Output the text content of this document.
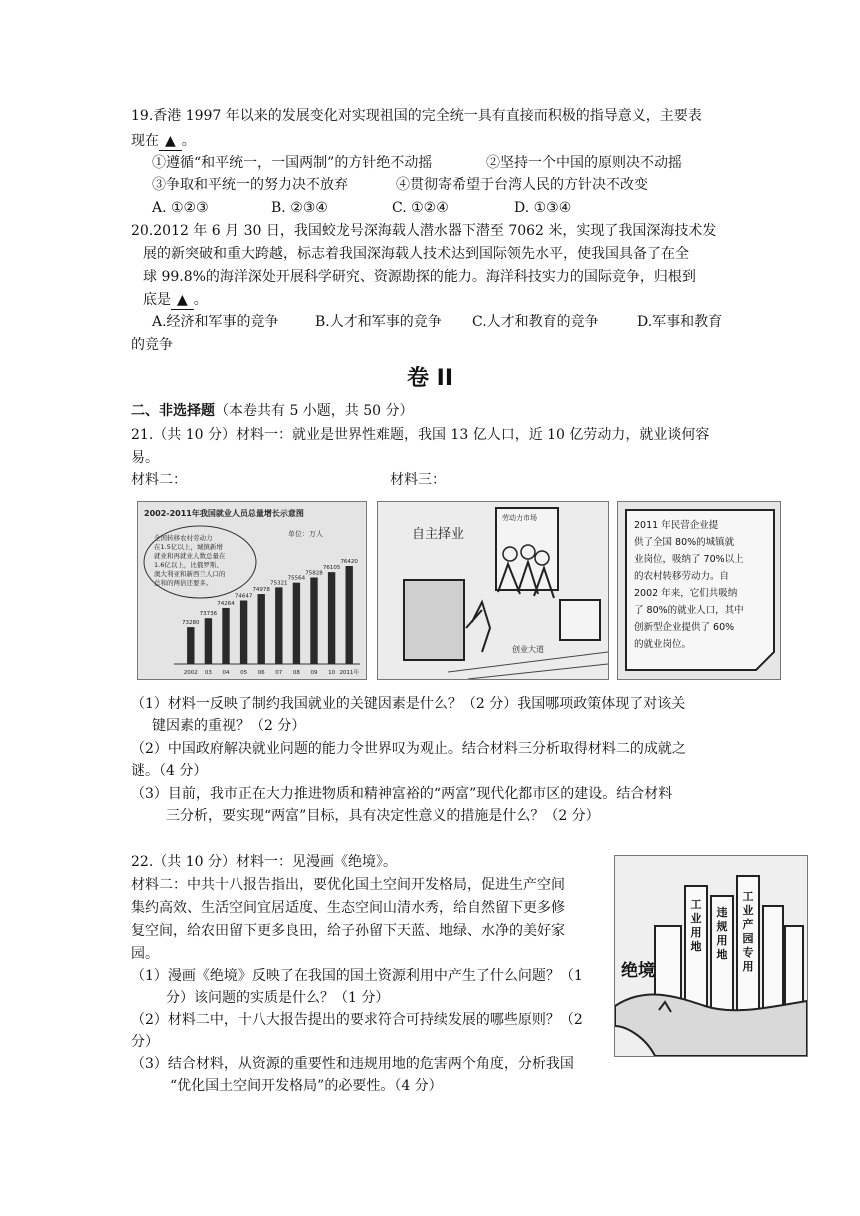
19.香港 1997 年以来的发展变化对实现祖国的完全统一具有直接而积极的指导意义，主要表
现在 ▲ 。
①遵循“和平统一，一国两制”的方针绝不动摇	②坚持一个中国的原则决不动摇
③争取和平统一的努力决不放弃	④贯彻寄希望于台湾人民的方针决不改变
A. ①②③	B. ②③④	C. ①②④	D. ①③④
20.2012 年 6 月 30 日，我国蛟龙号深海载人潜水器下潜至 7062 米，实现了我国深海技术发
展的新突破和重大跨越，标志着我国深海载人技术达到国际领先水平，使我国具备了在全
球 99.8%的海洋深处开展科学研究、资源勘探的能力。海洋科技实力的国际竞争，归根到
底是 ▲ 。
A.经济和军事的竞争	B.人才和军事的竞争 C.人才和教育的竞争	D.军事和教育
的竞争
卷 II
二、非选择题（本卷共有 5 小题，共 50 分）
21.（共 10 分）材料一：就业是世界性难题，我国 13 亿人口，近 10 亿劳动力，就业谈何容
易。
材料二：	材料三：
2002-2011年我国就业人员总量增长示意图
单位：万人
全国转移农村劳动力
在1.5亿以上，城镇新增
就业和再就业人数总量在
1.6亿以上，比俄罗斯、
澳大利亚和新西兰人口的
总和的两倍还要多。
73280
2002
73736
03
74264
04
74647
05
74978
06
75321
07
75564
08
75828
09
76105
10
76420
2011年
自主择业
劳动力市场
创业大道
2011 年民营企业提
供了全国 80%的城镇就
业岗位，吸纳了 70%以上
的农村转移劳动力。自
2002 年来，它们共吸纳
了 80%的就业人口，其中
创新型企业提供了 60%
的就业岗位。
（1）材料一反映了制约我国就业的关键因素是什么？（2 分）我国哪项政策体现了对该关
键因素的重视？（2 分）
（2）中国政府解决就业问题的能力令世界叹为观止。结合材料三分析取得材料二的成就之
谜。（4 分）
（3）目前，我市正在大力推进物质和精神富裕的“两富”现代化都市区的建设。结合材料
三分析，要实现“两富”目标，具有决定性意义的措施是什么？（2 分）
22.（共 10 分）材料一：见漫画《绝境》。
材料二：中共十八报告指出，要优化国土空间开发格局，促进生产空间
集约高效、生活空间宜居适度、生态空间山清水秀，给自然留下更多修
复空间，给农田留下更多良田，给子孙留下天蓝、地绿、水净的美好家
园。
（1）漫画《绝境》反映了在我国的国土资源利用中产生了什么问题？（1
分）该问题的实质是什么？（1 分）
（2）材料二中，十八大报告提出的要求符合可持续发展的哪些原则？（2
分）
（3）结合材料，从资源的重要性和违规用地的危害两个角度，分析我国
“优化国土空间开发格局”的必要性。（4 分）
工
业
用
地
违
规
用
地
工
业
产
园
专
用
绝境
